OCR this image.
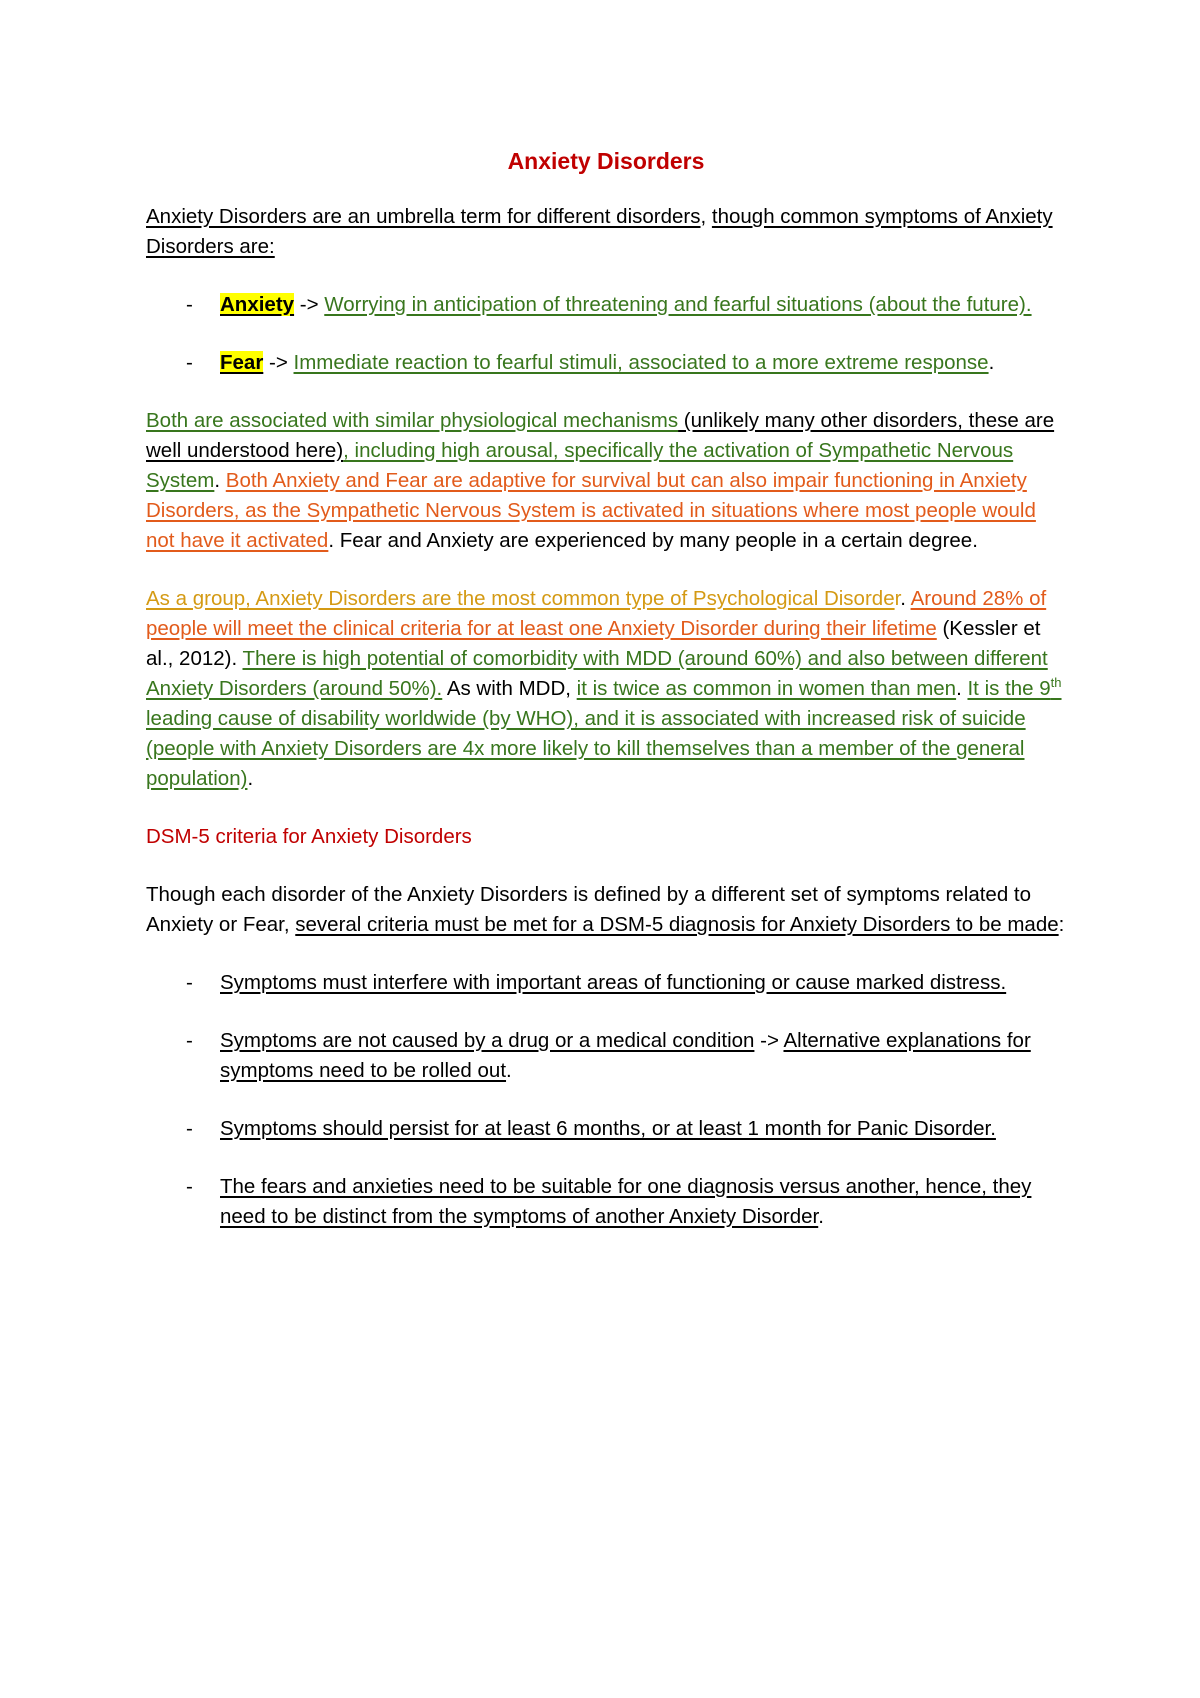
Anxiety Disorders

Anxiety Disorders are an umbrella term for different disorders, though common symptoms of Anxiety Disorders are:

- Anxiety -> Worrying in anticipation of threatening and fearful situations (about the future).
- Fear -> Immediate reaction to fearful stimuli, associated to a more extreme response.

Both are associated with similar physiological mechanisms (unlikely many other disorders, these are well understood here), including high arousal, specifically the activation of Sympathetic Nervous System. Both Anxiety and Fear are adaptive for survival but can also impair functioning in Anxiety Disorders, as the Sympathetic Nervous System is activated in situations where most people would not have it activated. Fear and Anxiety are experienced by many people in a certain degree.

As a group, Anxiety Disorders are the most common type of Psychological Disorder. Around 28% of people will meet the clinical criteria for at least one Anxiety Disorder during their lifetime (Kessler et al., 2012). There is high potential of comorbidity with MDD (around 60%) and also between different Anxiety Disorders (around 50%). As with MDD, it is twice as common in women than men. It is the 9th leading cause of disability worldwide (by WHO), and it is associated with increased risk of suicide (people with Anxiety Disorders are 4x more likely to kill themselves than a member of the general population).

DSM-5 criteria for Anxiety Disorders

Though each disorder of the Anxiety Disorders is defined by a different set of symptoms related to Anxiety or Fear, several criteria must be met for a DSM-5 diagnosis for Anxiety Disorders to be made:

- Symptoms must interfere with important areas of functioning or cause marked distress.
- Symptoms are not caused by a drug or a medical condition -> Alternative explanations for symptoms need to be rolled out.
- Symptoms should persist for at least 6 months, or at least 1 month for Panic Disorder.
- The fears and anxieties need to be suitable for one diagnosis versus another, hence, they need to be distinct from the symptoms of another Anxiety Disorder.
